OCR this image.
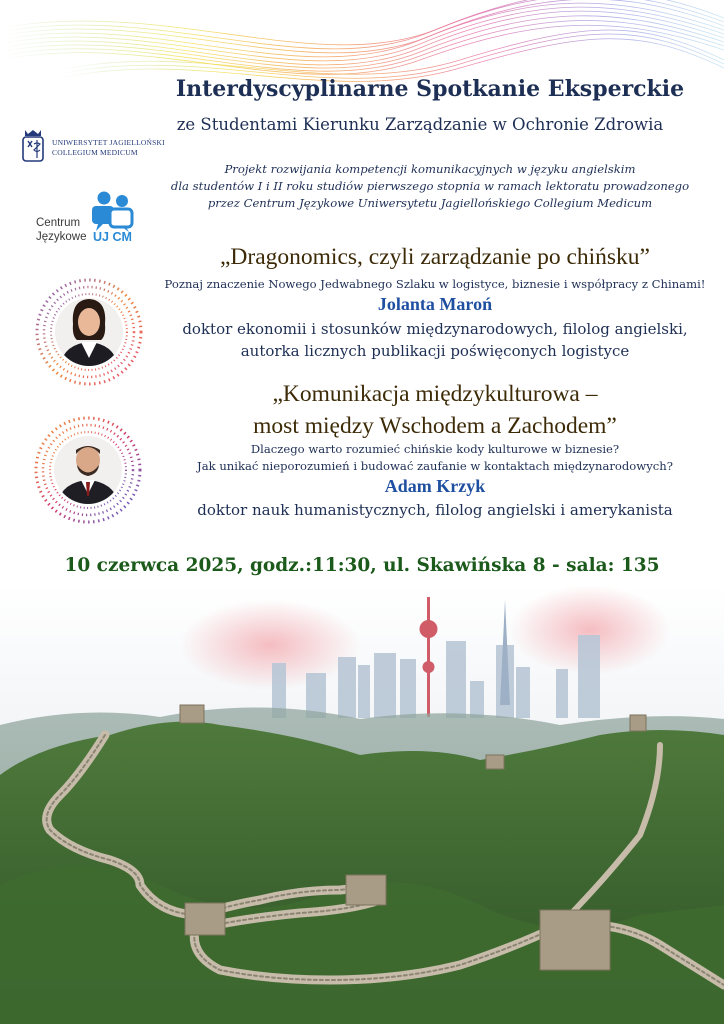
UNIWERSYTET JAGIELLOŃSKI
COLLEGIUM MEDICUM
Centrum
Językowe UJ CM
Interdyscyplinarne Spotkanie Eksperckie
ze Studentami Kierunku Zarządzanie w Ochronie Zdrowia
Projekt rozwijania kompetencji komunikacyjnych w języku angielskim
dla studentów I i II roku studiów pierwszego stopnia w ramach lektoratu prowadzonego
przez Centrum Językowe Uniwersytetu Jagiellońskiego Collegium Medicum
„Dragonomics, czyli zarządzanie po chińsku”
Poznaj znaczenie Nowego Jedwabnego Szlaku w logistyce, biznesie i współpracy z Chinami!
Jolanta Maroń
doktor ekonomii i stosunków międzynarodowych, filolog angielski,
autorka licznych publikacji poświęconych logistyce
„Komunikacja międzykulturowa –
most między Wschodem a Zachodem”
Dlaczego warto rozumieć chińskie kody kulturowe w biznesie?
Jak unikać nieporozumień i budować zaufanie w kontaktach międzynarodowych?
Adam Krzyk
doktor nauk humanistycznych, filolog angielski i amerykanista
10 czerwca 2025, godz.:11:30, ul. Skawińska 8 - sala: 135
